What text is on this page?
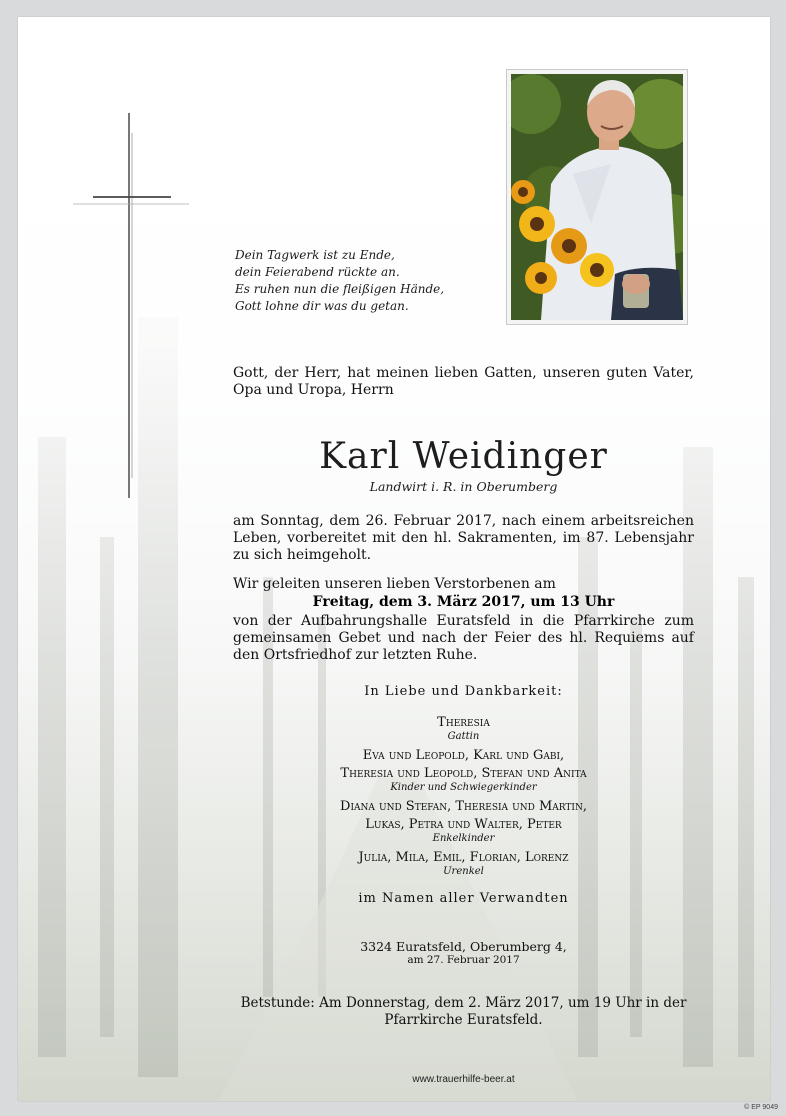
Dein Tagwerk ist zu Ende,
dein Feierabend rückte an.
Es ruhen nun die fleißigen Hände,
Gott lohne dir was du getan.
Gott, der Herr, hat meinen lieben Gatten, unseren guten Vater, Opa und Uropa, Herrn
Karl Weidinger
Landwirt i. R. in Oberumberg
am Sonntag, dem 26. Februar 2017, nach einem arbeitsreichen Leben, vorbereitet mit den hl. Sakramenten, im 87. Lebensjahr zu sich heimgeholt.
Wir geleiten unseren lieben Verstorbenen am
Freitag, dem 3. März 2017, um 13 Uhr
von der Aufbahrungshalle Euratsfeld in die Pfarrkirche zum gemeinsamen Gebet und nach der Feier des hl. Requiems auf den Ortsfriedhof zur letzten Ruhe.
In Liebe und Dankbarkeit:
Theresia
Gattin
Eva und Leopold, Karl und Gabi,
Theresia und Leopold, Stefan und Anita
Kinder und Schwiegerkinder
Diana und Stefan, Theresia und Martin,
Lukas, Petra und Walter, Peter
Enkelkinder
Julia, Mila, Emil, Florian, Lorenz
Urenkel
im Namen aller Verwandten
3324 Euratsfeld, Oberumberg 4,
am 27. Februar 2017
Betstunde: Am Donnerstag, dem 2. März 2017, um 19 Uhr in der
Pfarrkirche Euratsfeld.
www.trauerhilfe-beer.at
© EP 9049
